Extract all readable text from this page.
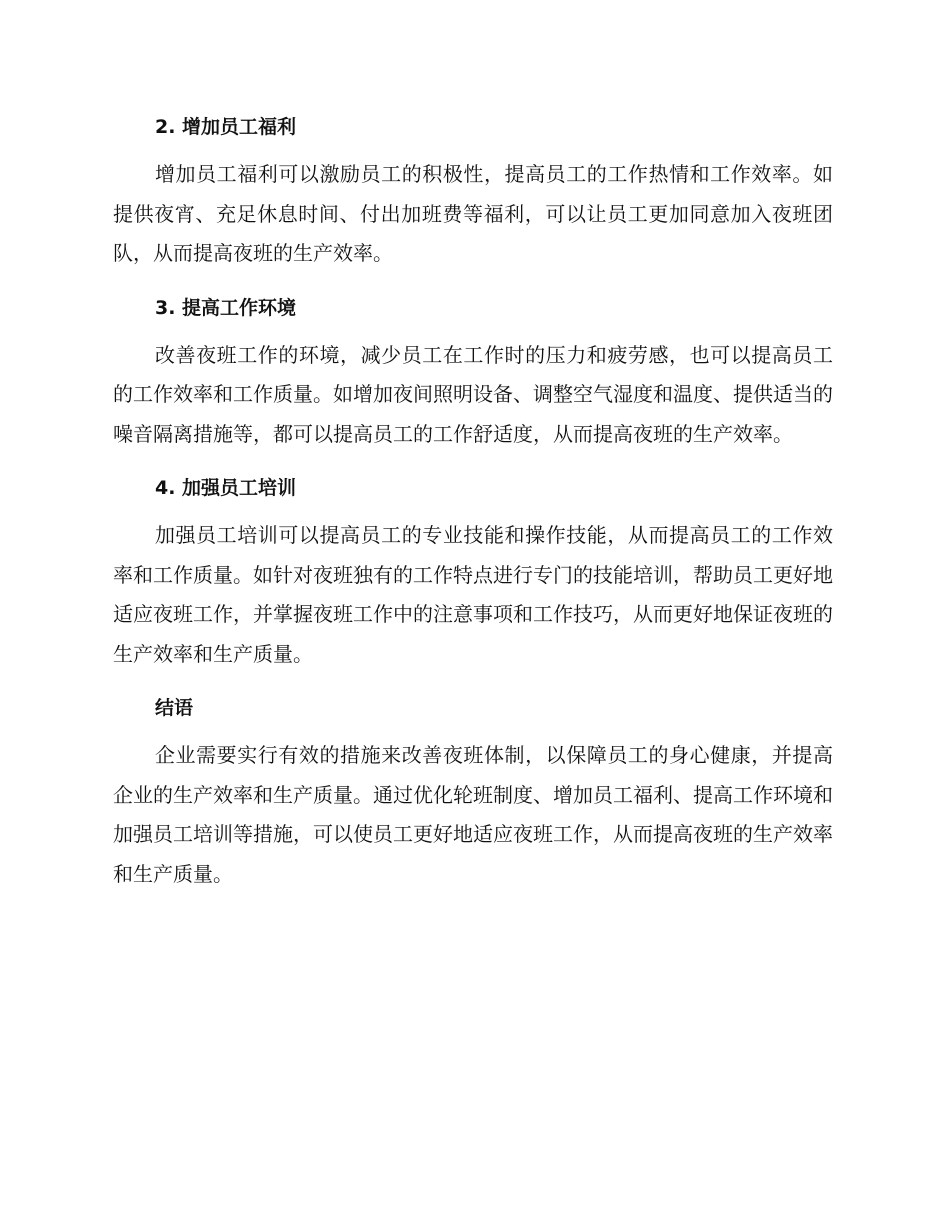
2. 增加员工福利

增加员工福利可以激励员工的积极性，提高员工的工作热情和工作效率。如提供夜宵、充足休息时间、付出加班费等福利，可以让员工更加同意加入夜班团队，从而提高夜班的生产效率。

3. 提高工作环境

改善夜班工作的环境，减少员工在工作时的压力和疲劳感，也可以提高员工的工作效率和工作质量。如增加夜间照明设备、调整空气湿度和温度、提供适当的噪音隔离措施等，都可以提高员工的工作舒适度，从而提高夜班的生产效率。

4. 加强员工培训

加强员工培训可以提高员工的专业技能和操作技能，从而提高员工的工作效率和工作质量。如针对夜班独有的工作特点进行专门的技能培训，帮助员工更好地适应夜班工作，并掌握夜班工作中的注意事项和工作技巧，从而更好地保证夜班的生产效率和生产质量。

结语

企业需要实行有效的措施来改善夜班体制，以保障员工的身心健康，并提高企业的生产效率和生产质量。通过优化轮班制度、增加员工福利、提高工作环境和加强员工培训等措施，可以使员工更好地适应夜班工作，从而提高夜班的生产效率和生产质量。
